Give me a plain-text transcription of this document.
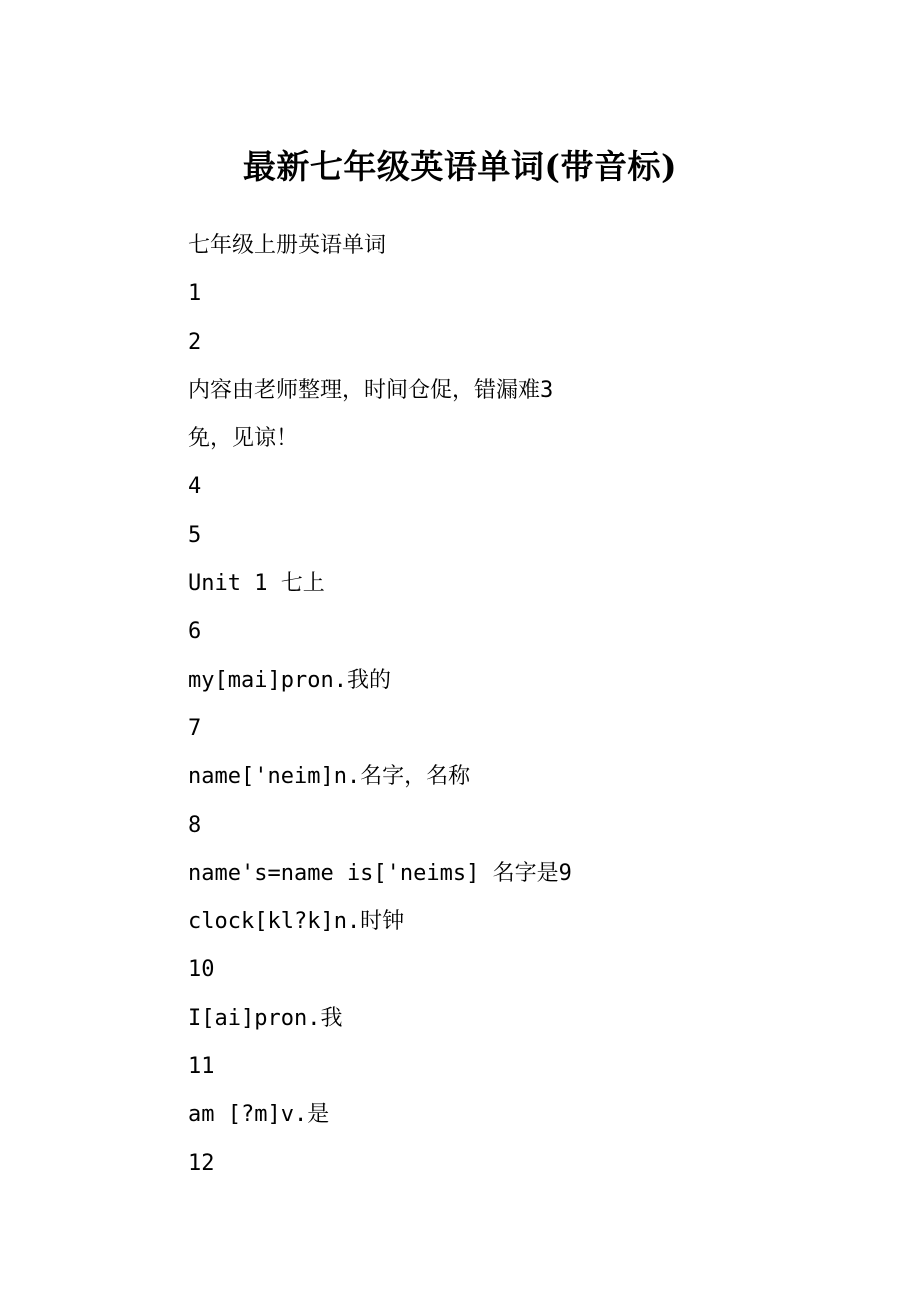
最新七年级英语单词(带音标)
七年级上册英语单词
1
2
内容由老师整理，时间仓促，错漏难3
免，见谅！
4
5
Unit 1 七上
6
my[mai]pron.我的
7
name['neim]n.名字，名称
8
name's=name is['neims] 名字是9
clock[kl?k]n.时钟
10
I[ai]pron.我
11
am [?m]v.是
12
